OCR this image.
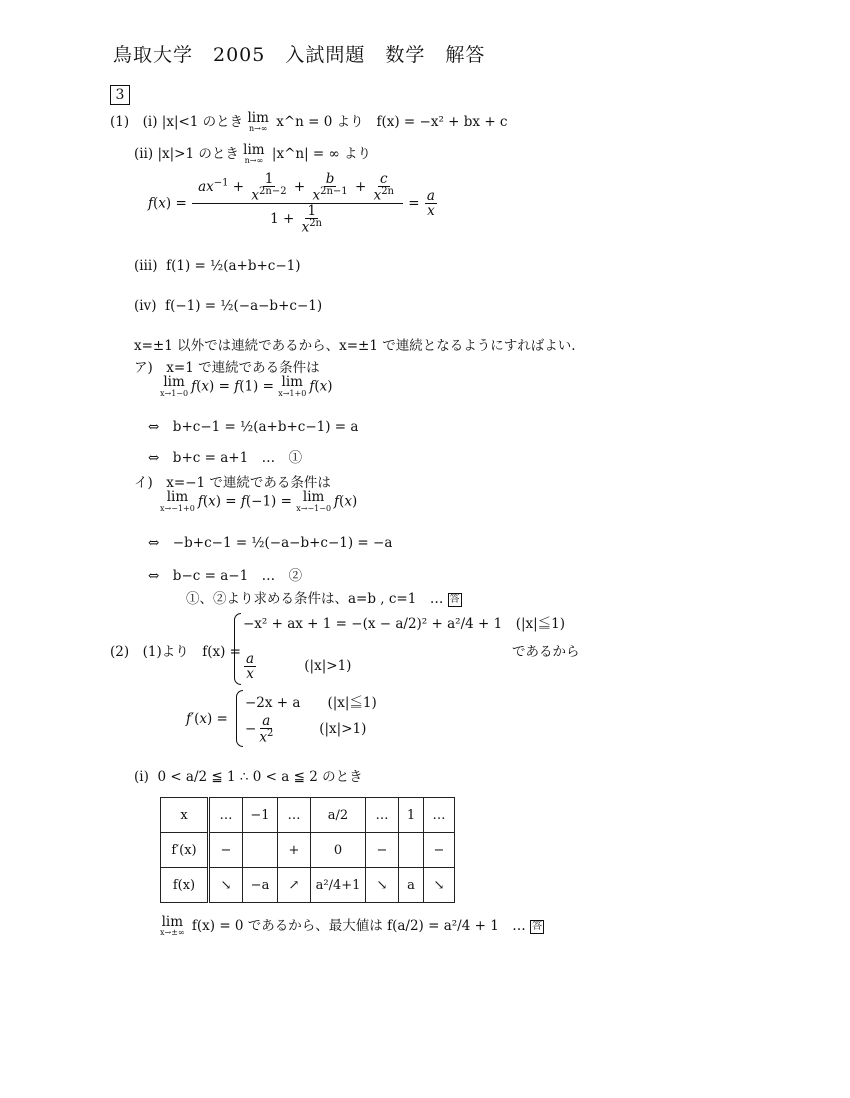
鳥取大学　2005　入試問題　数学　解答
3
(1)　(ⅰ) |x|<1 のとき lim
n→∞ x^n = 0 より f(x) = −x² + bx + c
(ⅱ) |x|>1 のとき lim
n→∞ |x^n| = ∞ より
$f(x) = \frac{ax^{-1} + \frac{1}{x^{2n-2}} + \frac{b}{x^{2n-1}} + \frac{c}{x^{2n}}}{1 + \frac{1}{x^{2n}}} = \frac{a}{x}$
(ⅲ) f(1) = ½(a+b+c−1)
(ⅳ) f(−1) = ½(−a−b+c−1)
x=±1 以外では連続であるから、x=±1 で連続となるようにすればよい.
ア)　x=1 で連続である条件は
lim
x→1−0 f(x) = f(1) = lim
x→1+0 f(x)
⇔　b+c−1 = ½(a+b+c−1) = a
⇔　b+c = a+1　…　①
イ)　x=−1 で連続である条件は
lim
x→−1+0 f(x) = f(−1) = lim
x→−1−0 f(x)
⇔　−b+c−1 = ½(−a−b+c−1) = −a
⇔　b−c = a−1　…　②
①、②より求める条件は、a=b , c=1　… 答
(2)　(1)より　f(x) =
−x² + ax + 1 = −(x − a/2)² + a²/4 + 1　(|x|≦1)
$\frac{a}{x}$	(|x|>1)
であるから
f′(x) =
−2x + a　　(|x|≦1)
− $\frac{a}{x^2}$	(|x|>1)
(ⅰ) 0 < a/2 ≦ 1 ∴ 0 < a ≦ 2 のとき
x	…	−1	…	a/2	…	1	…
f′(x)	−		+	0	−		−
f(x)	↘	−a	↗	a²/4+1	↘	a	↘
lim
x→±∞ f(x) = 0 であるから、最大値は f(a/2) = a²/4 + 1　… 答
